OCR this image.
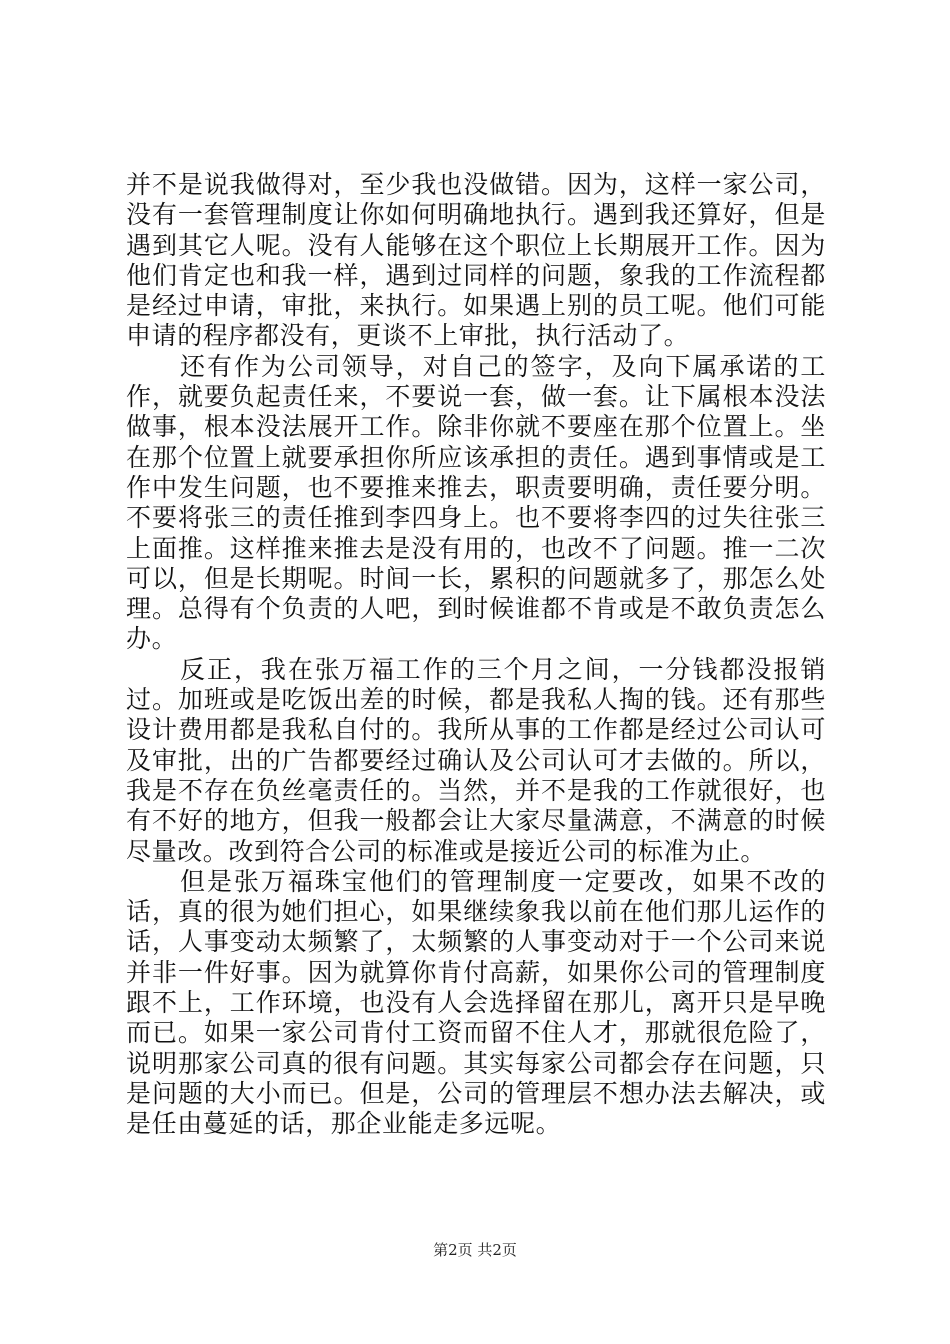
并不是说我做得对，至少我也没做错。因为，这样一家公司，没有一套管理制度让你如何明确地执行。遇到我还算好，但是遇到其它人呢。没有人能够在这个职位上长期展开工作。因为他们肯定也和我一样，遇到过同样的问题，象我的工作流程都是经过申请，审批，来执行。如果遇上别的员工呢。他们可能申请的程序都没有，更谈不上审批，执行活动了。

还有作为公司领导，对自己的签字，及向下属承诺的工作，就要负起责任来，不要说一套，做一套。让下属根本没法做事，根本没法展开工作。除非你就不要座在那个位置上。坐在那个位置上就要承担你所应该承担的责任。遇到事情或是工作中发生问题，也不要推来推去，职责要明确，责任要分明。不要将张三的责任推到李四身上。也不要将李四的过失往张三上面推。这样推来推去是没有用的，也改不了问题。推一二次可以，但是长期呢。时间一长，累积的问题就多了，那怎么处理。总得有个负责的人吧，到时候谁都不肯或是不敢负责怎么办。

反正，我在张万福工作的三个月之间，一分钱都没报销过。加班或是吃饭出差的时候，都是我私人掏的钱。还有那些设计费用都是我私自付的。我所从事的工作都是经过公司认可及审批，出的广告都要经过确认及公司认可才去做的。所以，我是不存在负丝毫责任的。当然，并不是我的工作就很好，也有不好的地方，但我一般都会让大家尽量满意，不满意的时候尽量改。改到符合公司的标准或是接近公司的标准为止。

但是张万福珠宝他们的管理制度一定要改，如果不改的话，真的很为她们担心，如果继续象我以前在他们那儿运作的话，人事变动太频繁了，太频繁的人事变动对于一个公司来说并非一件好事。因为就算你肯付高薪，如果你公司的管理制度跟不上，工作环境，也没有人会选择留在那儿，离开只是早晚而已。如果一家公司肯付工资而留不住人才，那就很危险了，说明那家公司真的很有问题。其实每家公司都会存在问题，只是问题的大小而已。但是，公司的管理层不想办法去解决，或是任由蔓延的话，那企业能走多远呢。

第2页 共2页
